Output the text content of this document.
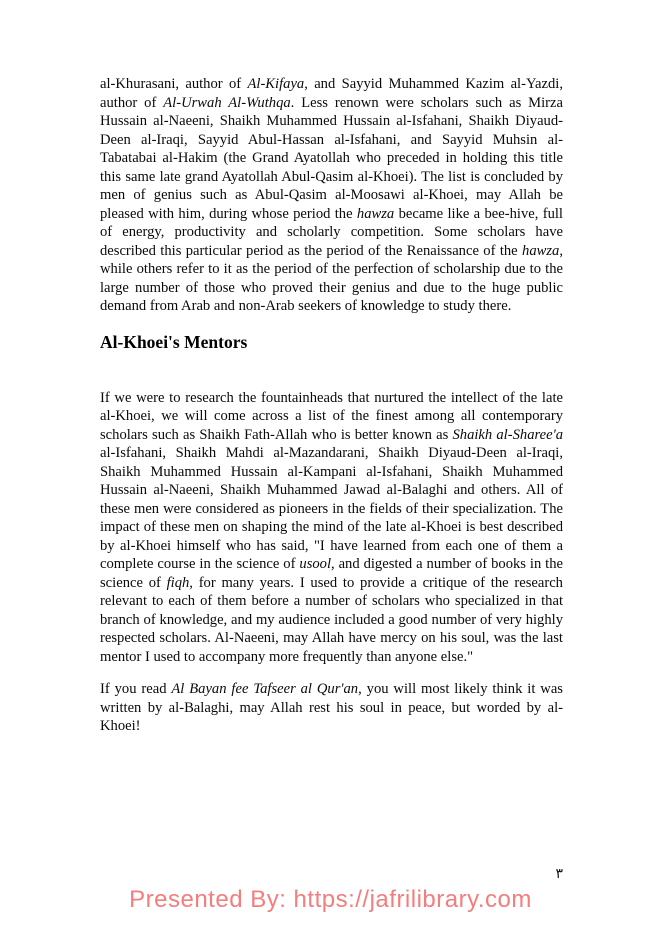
al-Khurasani, author of Al-Kifaya, and Sayyid Muhammed Kazim al-Yazdi, author of Al-Urwah Al-Wuthqa. Less renown were scholars such as Mirza Hussain al-Naeeni, Shaikh Muhammed Hussain al-Isfahani, Shaikh Diyaud-Deen al-Iraqi, Sayyid Abul-Hassan al-Isfahani, and Sayyid Muhsin al-Tabatabai al-Hakim (the Grand Ayatollah who preceded in holding this title this same late grand Ayatollah Abul-Qasim al-Khoei). The list is concluded by men of genius such as Abul-Qasim al-Moosawi al-Khoei, may Allah be pleased with him, during whose period the hawza became like a bee-hive, full of energy, productivity and scholarly competition. Some scholars have described this particular period as the period of the Renaissance of the hawza, while others refer to it as the period of the perfection of scholarship due to the large number of those who proved their genius and due to the huge public demand from Arab and non-Arab seekers of knowledge to study there.

Al-Khoei's Mentors

If we were to research the fountainheads that nurtured the intellect of the late al-Khoei, we will come across a list of the finest among all contemporary scholars such as Shaikh Fath-Allah who is better known as Shaikh al-Sharee'a al-Isfahani, Shaikh Mahdi al-Mazandarani, Shaikh Diyaud-Deen al-Iraqi, Shaikh Muhammed Hussain al-Kampani al-Isfahani, Shaikh Muhammed Hussain al-Naeeni, Shaikh Muhammed Jawad al-Balaghi and others. All of these men were considered as pioneers in the fields of their specialization. The impact of these men on shaping the mind of the late al-Khoei is best described by al-Khoei himself who has said, "I have learned from each one of them a complete course in the science of usool, and digested a number of books in the science of fiqh, for many years. I used to provide a critique of the research relevant to each of them before a number of scholars who specialized in that branch of knowledge, and my audience included a good number of very highly respected scholars. Al-Naeeni, may Allah have mercy on his soul, was the last mentor I used to accompany more frequently than anyone else."

If you read Al Bayan fee Tafseer al Qur'an, you will most likely think it was written by al-Balaghi, may Allah rest his soul in peace, but worded by al-Khoei!

٣
Presented By: https://jafrilibrary.com
